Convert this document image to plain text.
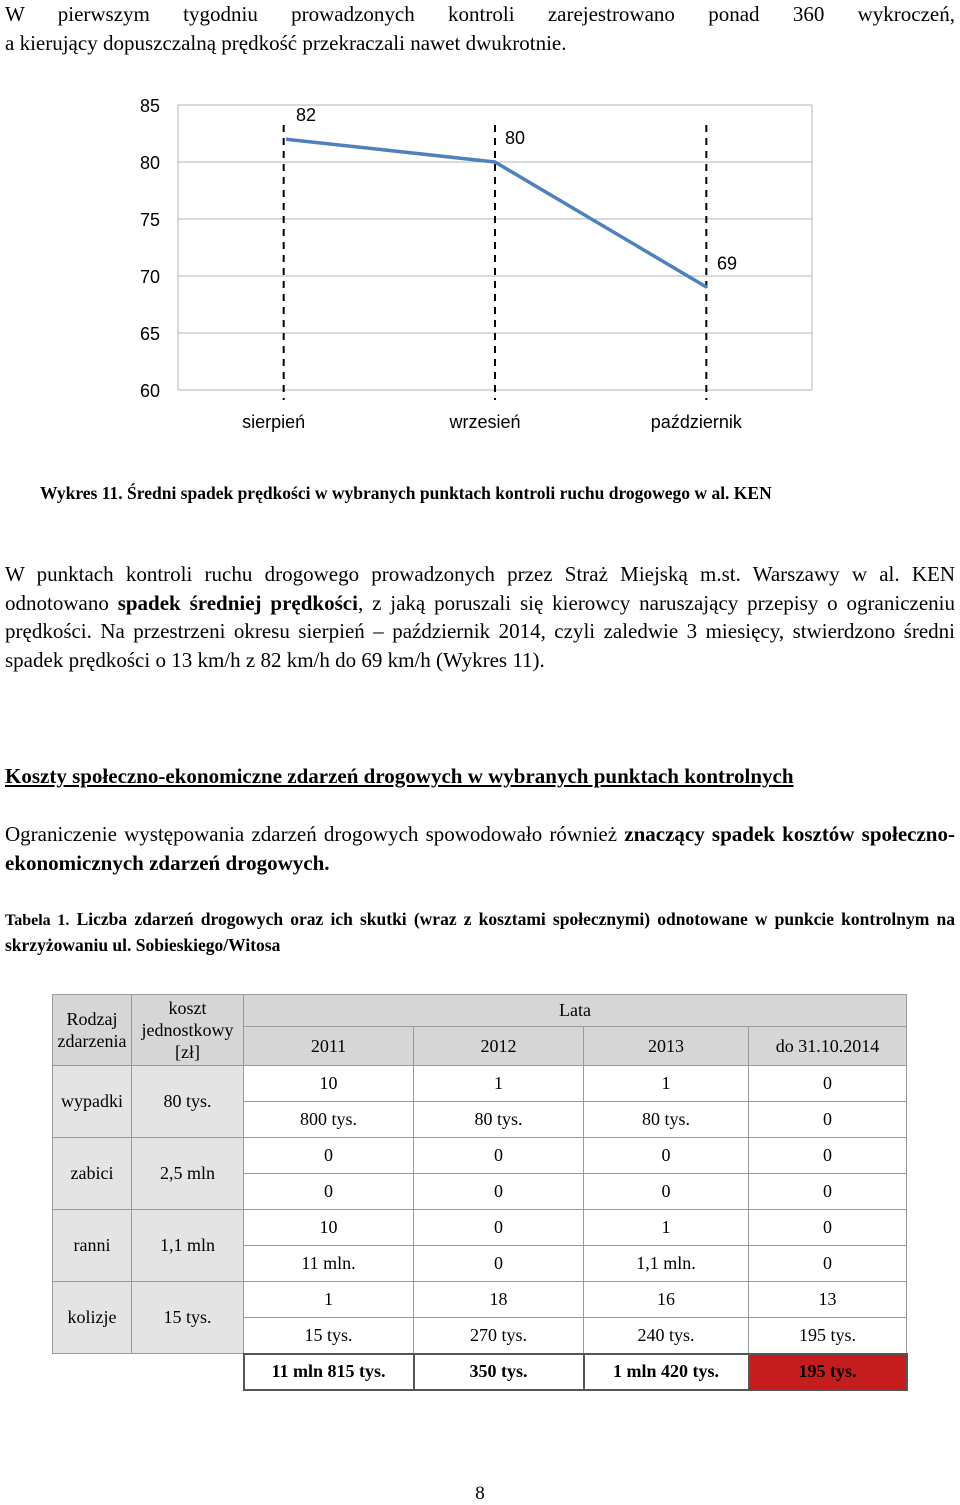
W pierwszym tygodniu prowadzonych kontroli zarejestrowano ponad 360 wykroczeń,
a kierujący dopuszczalną prędkość przekraczali nawet dwukrotnie.
60
65
70
75
80
85
sierpień	wrzesień	październik
82
80
69
Wykres 11. Średni spadek prędkości w wybranych punktach kontroli ruchu drogowego w al. KEN
W punktach kontroli ruchu drogowego prowadzonych przez Straż Miejską m.st. Warszawy w al. KEN odnotowano spadek średniej prędkości, z jaką poruszali się kierowcy naruszający przepisy o ograniczeniu prędkości. Na przestrzeni okresu sierpień – październik 2014, czyli zaledwie 3 miesięcy, stwierdzono średni spadek prędkości o 13 km/h z 82 km/h do 69 km/h (Wykres 11).
Koszty społeczno-ekonomiczne zdarzeń drogowych w wybranych punktach kontrolnych
Ograniczenie występowania zdarzeń drogowych spowodowało również znaczący spadek kosztów społeczno-ekonomicznych zdarzeń drogowych.
Tabela 1. Liczba zdarzeń drogowych oraz ich skutki (wraz z kosztami społecznymi) odnotowane w punkcie kontrolnym na skrzyżowaniu ul. Sobieskiego/Witosa
Rodzaj zdarzenia	koszt jednostkowy [zł]	Lata			
		2011	2012	2013	do 31.10.2014
wypadki	80 tys.	10	1	1	0
		800 tys.	80 tys.	80 tys.	0
zabici	2,5 mln	0	0	0	0
		0	0	0	0
ranni	1,1 mln	10	0	1	0
		11 mln.	0	1,1 mln.	0
kolizje	15 tys.	1	18	16	13
		15 tys.	270 tys.	240 tys.	195 tys.
		11 mln 815 tys.	350 tys.	1 mln 420 tys.	195 tys.
8
